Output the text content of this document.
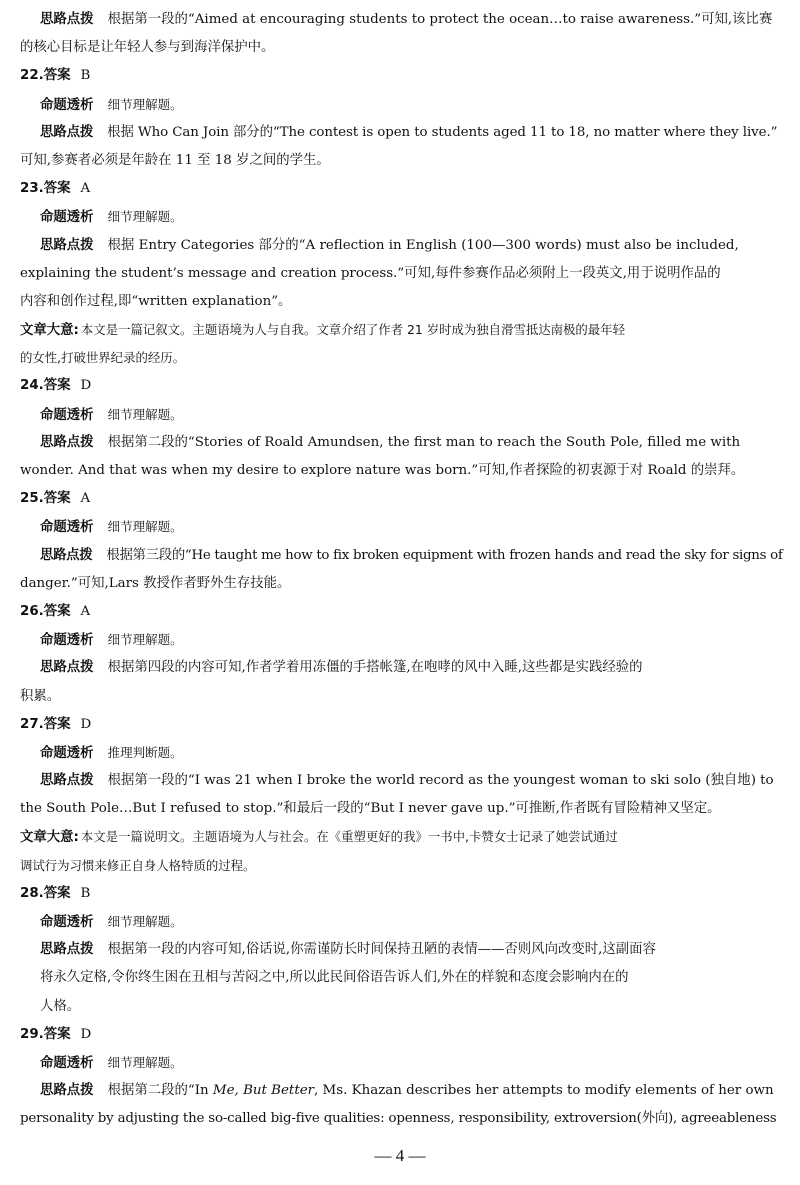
思路点拨 根据第一段的“Aimed at encouraging students to protect the ocean…to raise awareness.”可知,该比赛
的核心目标是让年轻人参与到海洋保护中。
22.答案 B
命题透析 细节理解题。
思路点拨 根据 Who Can Join 部分的“The contest is open to students aged 11 to 18, no matter where they live.”
可知,参赛者必须是年龄在 11 至 18 岁之间的学生。
23.答案 A
命题透析 细节理解题。
思路点拨 根据 Entry Categories 部分的“A reflection in English (100—300 words) must also be included,
explaining the student’s message and creation process.”可知,每件参赛作品必须附上一段英文,用于说明作品的
内容和创作过程,即“written explanation”。
文章大意: 本文是一篇记叙文。主题语境为人与自我。文章介绍了作者 21 岁时成为独自滑雪抵达南极的最年轻
的女性,打破世界纪录的经历。
24.答案 D
命题透析 细节理解题。
思路点拨 根据第二段的“Stories of Roald Amundsen, the first man to reach the South Pole, filled me with
wonder. And that was when my desire to explore nature was born.”可知,作者探险的初衷源于对 Roald 的崇拜。
25.答案 A
命题透析 细节理解题。
思路点拨 根据第三段的“He taught me how to fix broken equipment with frozen hands and read the sky for signs of
danger.”可知,Lars 教授作者野外生存技能。
26.答案 A
命题透析 细节理解题。
思路点拨 根据第四段的内容可知,作者学着用冻僵的手搭帐篷,在咆哮的风中入睡,这些都是实践经验的
积累。
27.答案 D
命题透析 推理判断题。
思路点拨 根据第一段的“I was 21 when I broke the world record as the youngest woman to ski solo (独自地) to
the South Pole…But I refused to stop.”和最后一段的“But I never gave up.”可推断,作者既有冒险精神又坚定。
文章大意: 本文是一篇说明文。主题语境为人与社会。在《重塑更好的我》一书中,卡赞女士记录了她尝试通过
调试行为习惯来修正自身人格特质的过程。
28.答案 B
命题透析 细节理解题。
思路点拨 根据第一段的内容可知,俗话说,你需谨防长时间保持丑陋的表情——否则风向改变时,这副面容
将永久定格,令你终生困在丑相与苦闷之中,所以此民间俗语告诉人们,外在的样貌和态度会影响内在的
人格。
29.答案 D
命题透析 细节理解题。
思路点拨 根据第二段的“In Me, But Better, Ms. Khazan describes her attempts to modify elements of her own
personality by adjusting the so-called big-five qualities: openness, responsibility, extroversion(外向), agreeableness
— 4 —
